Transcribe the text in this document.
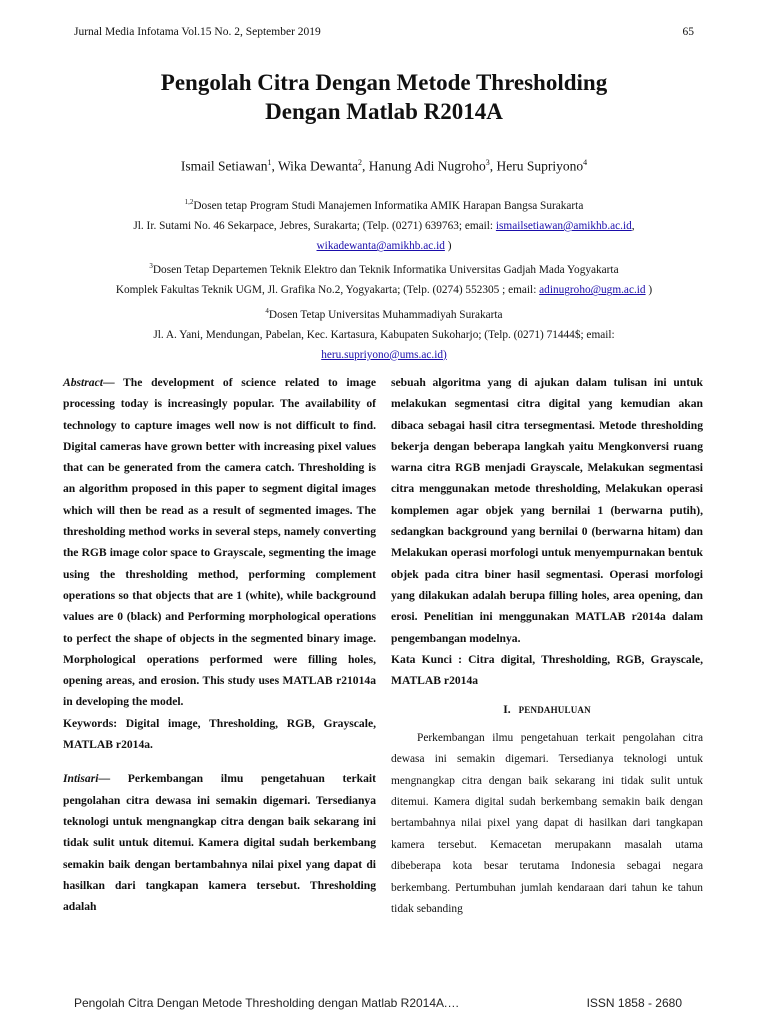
Jurnal Media Infotama Vol.15 No. 2, September 2019	65
Pengolah Citra Dengan Metode Thresholding
Dengan Matlab R2014A
Ismail Setiawan$^1$, Wika Dewanta$^2$, Hanung Adi Nugroho$^3$, Heru Supriyono$^4$
$^{1,2}$Dosen tetap Program Studi Manajemen Informatika AMIK Harapan Bangsa Surakarta
Jl. Ir. Sutami No. 46 Sekarpace, Jebres, Surakarta; (Telp. (0271) 639763; email: ismailsetiawan@amikhb.ac.id,
wikadewanta@amikhb.ac.id )
$^3$Dosen Tetap Departemen Teknik Elektro dan Teknik Informatika Universitas Gadjah Mada Yogyakarta
Komplek Fakultas Teknik UGM, Jl. Grafika No.2, Yogyakarta; (Telp. (0274) 552305 ; email: adinugroho@ugm.ac.id )
$^4$Dosen Tetap Universitas Muhammadiyah Surakarta
Jl. A. Yani, Mendungan, Pabelan, Kec. Kartasura, Kabupaten Sukoharjo; (Telp. (0271) 71444$; email:
heru.supriyono@ums.ac.id)

Abstract— The development of science related to image processing today is increasingly popular. The availability of technology to capture images well now is not difficult to find. Digital cameras have grown better with increasing pixel values that can be generated from the camera catch. Thresholding is an algorithm proposed in this paper to segment digital images which will then be read as a result of segmented images. The thresholding method works in several steps, namely converting the RGB image color space to Grayscale, segmenting the image using the thresholding method, performing complement operations so that objects that are 1 (white), while background values are 0 (black) and Performing morphological operations to perfect the shape of objects in the segmented binary image. Morphological operations performed were filling holes, opening areas, and erosion. This study uses MATLAB r21014a in developing the model.

Keywords: Digital image, Thresholding, RGB, Grayscale, MATLAB r2014a.

Intisari— Perkembangan ilmu pengetahuan terkait pengolahan citra dewasa ini semakin digemari. Tersedianya teknologi untuk mengnangkap citra dengan baik sekarang ini tidak sulit untuk ditemui. Kamera digital sudah berkembang semakin baik dengan bertambahnya nilai pixel yang dapat di hasilkan dari tangkapan kamera tersebut. Thresholding adalah

sebuah algoritma yang di ajukan dalam tulisan ini untuk melakukan segmentasi citra digital yang kemudian akan dibaca sebagai hasil citra tersegmentasi. Metode thresholding bekerja dengan beberapa langkah yaitu Mengkonversi ruang warna citra RGB menjadi Grayscale, Melakukan segmentasi citra menggunakan metode thresholding, Melakukan operasi komplemen agar objek yang bernilai 1 (berwarna putih), sedangkan background yang bernilai 0 (berwarna hitam) dan Melakukan operasi morfologi untuk menyempurnakan bentuk objek pada citra biner hasil segmentasi. Operasi morfologi yang dilakukan adalah berupa filling holes, area opening, dan erosi. Penelitian ini menggunakan MATLAB r2014a dalam pengembangan modelnya.

Kata Kunci : Citra digital, Thresholding, RGB, Grayscale, MATLAB r2014a

I. PENDAHULUAN

Perkembangan ilmu pengetahuan terkait pengolahan citra dewasa ini semakin digemari. Tersedianya teknologi untuk mengnangkap citra dengan baik sekarang ini tidak sulit untuk ditemui. Kamera digital sudah berkembang semakin baik dengan bertambahnya nilai pixel yang dapat di hasilkan dari tangkapan kamera tersebut. Kemacetan merupakann masalah utama dibeberapa kota besar terutama Indonesia sebagai negara berkembang. Pertumbuhan jumlah kendaraan dari tahun ke tahun tidak sebanding

Pengolah Citra Dengan Metode Thresholding dengan Matlab R2014A.…	ISSN 1858 - 2680
